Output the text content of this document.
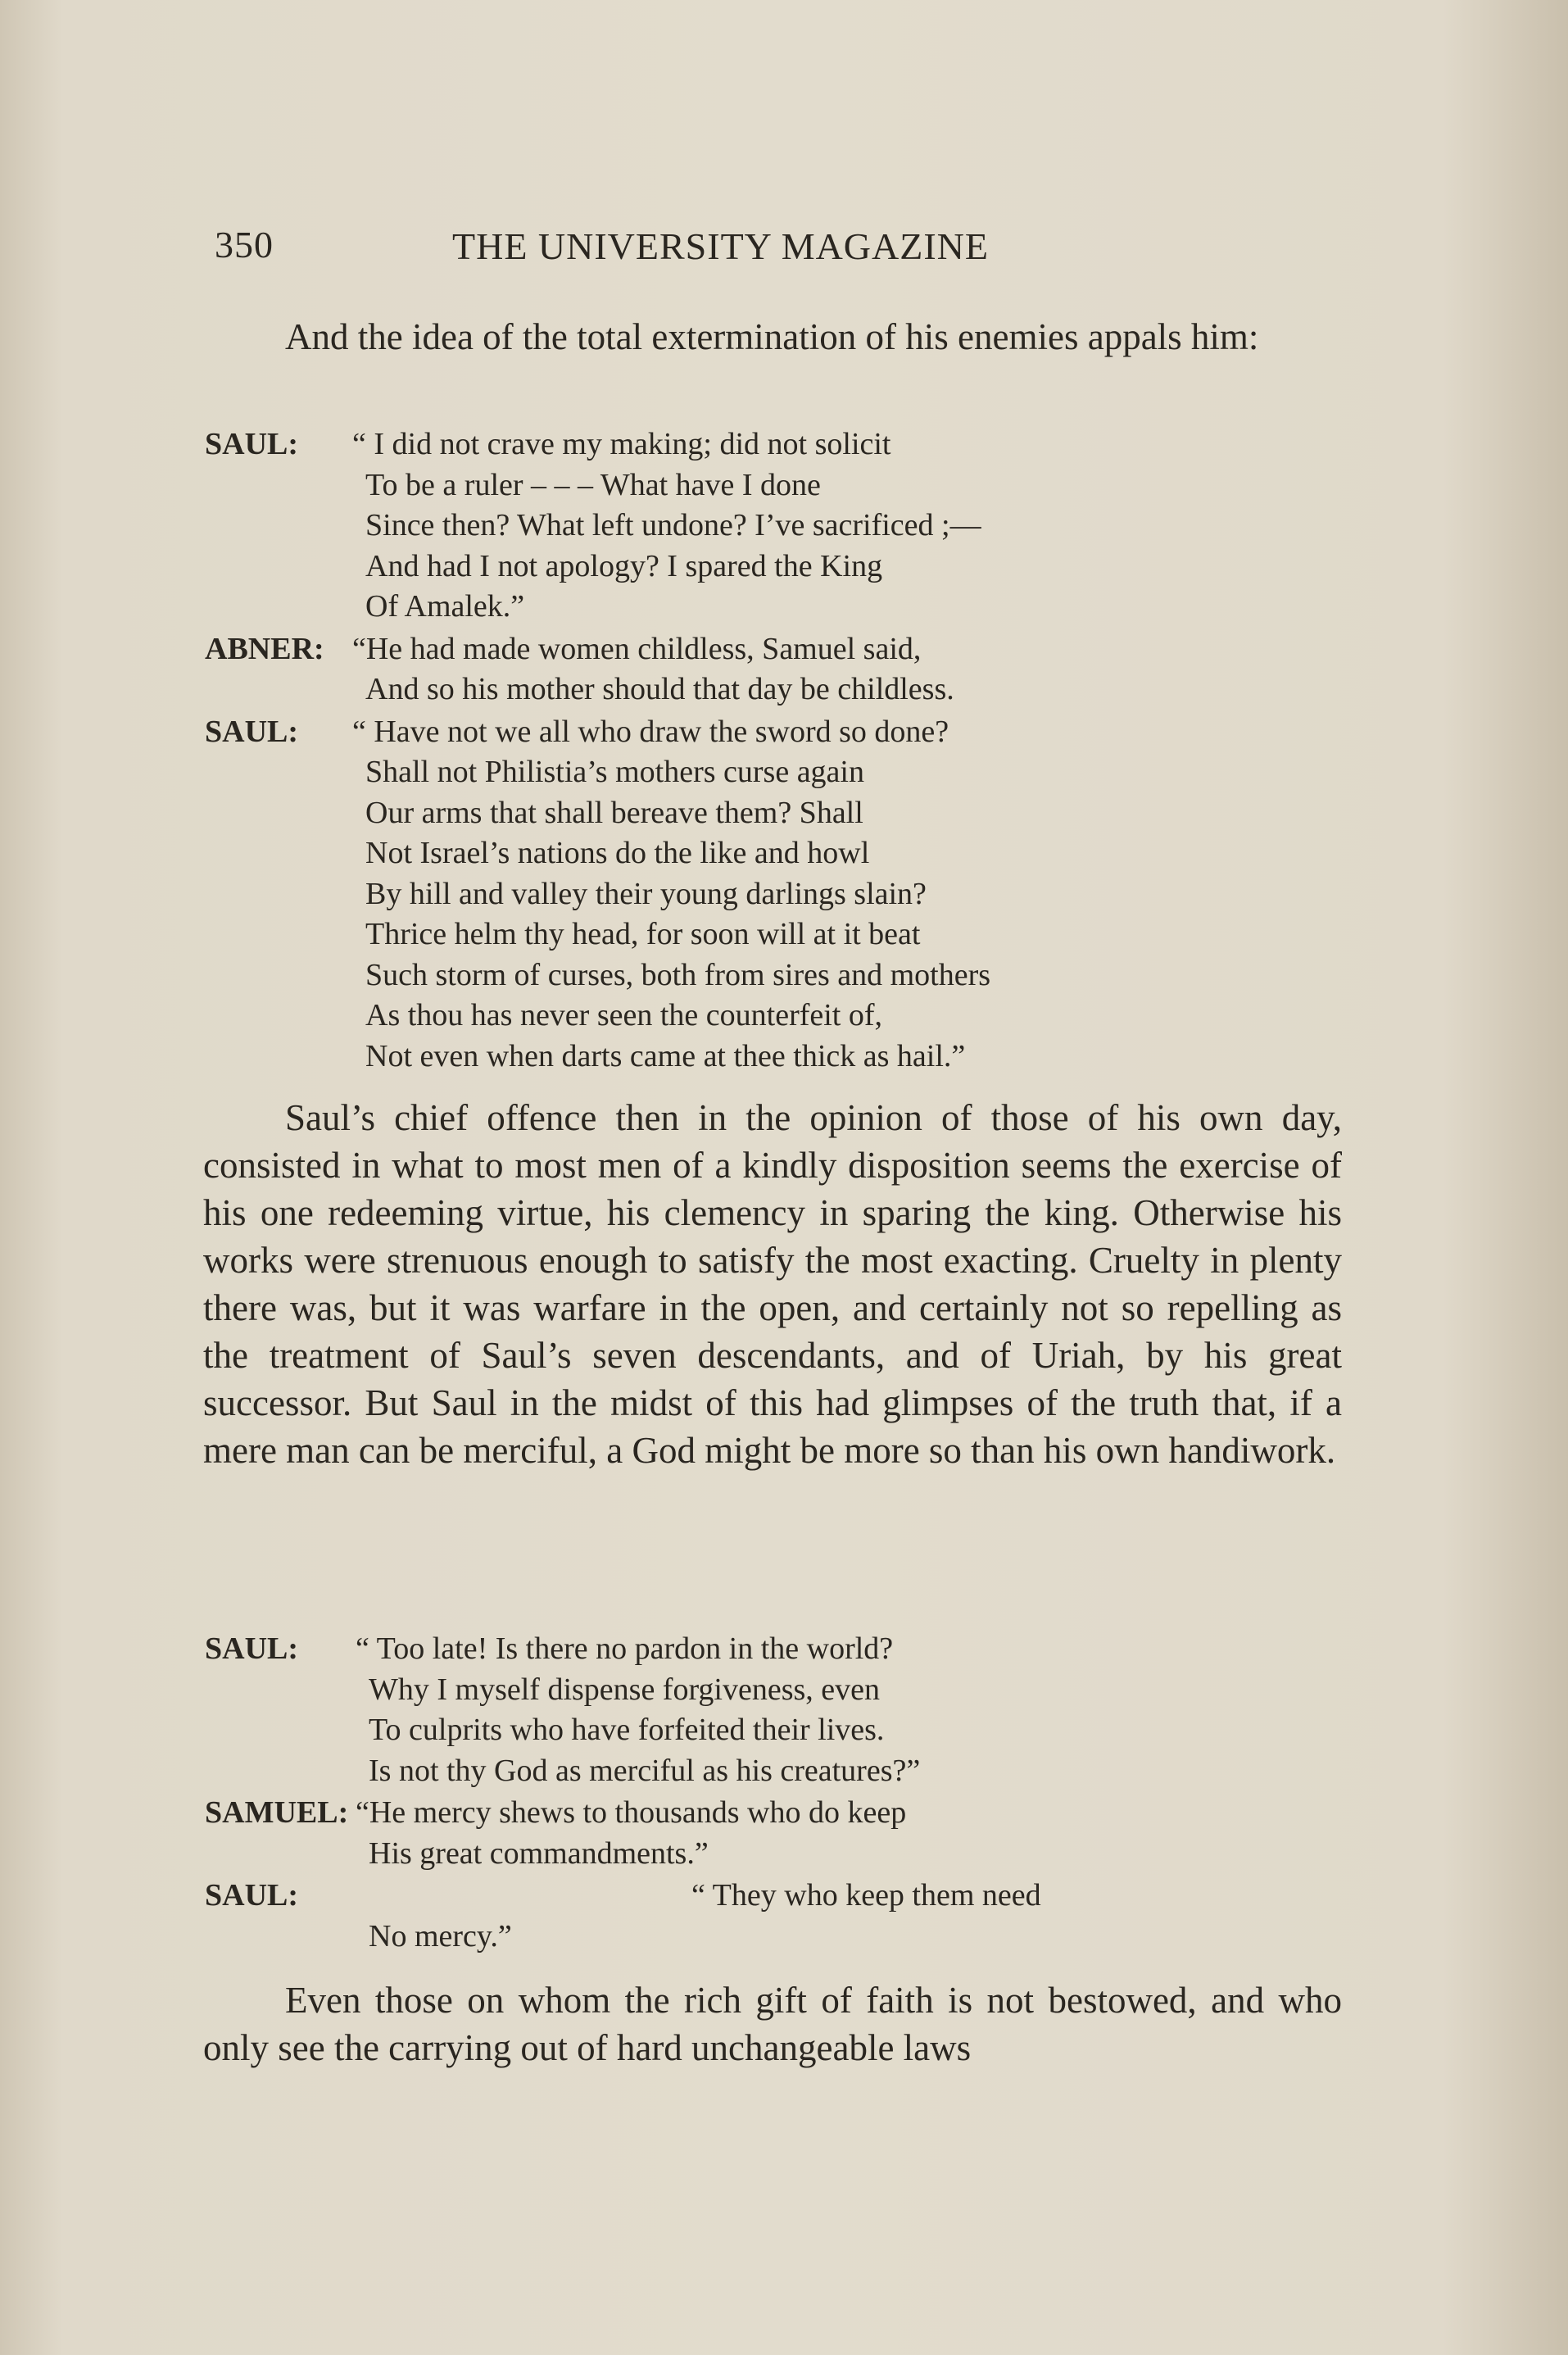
350	THE UNIVERSITY MAGAZINE

And the idea of the total extermination of his enemies appals him:

SAUL:	“ I did not crave my making; did not solicit
To be a ruler – – – What have I done
Since then? What left undone? I’ve sacrificed ;—
And had I not apology? I spared the King
Of Amalek.”
ABNER: “He had made women childless, Samuel said,
And so his mother should that day be childless.
SAUL:	“ Have not we all who draw the sword so done?
Shall not Philistia’s mothers curse again
Our arms that shall bereave them? Shall
Not Israel’s nations do the like and howl
By hill and valley their young darlings slain?
Thrice helm thy head, for soon will at it beat
Such storm of curses, both from sires and mothers
As thou has never seen the counterfeit of,
Not even when darts came at thee thick as hail.”

Saul’s chief offence then in the opinion of those of his own day, consisted in what to most men of a kindly disposition seems the exercise of his one redeeming virtue, his clemency in sparing the king. Otherwise his works were strenuous enough to satisfy the most exacting. Cruelty in plenty there was, but it was warfare in the open, and certainly not so repelling as the treatment of Saul’s seven descendants, and of Uriah, by his great successor. But Saul in the midst of this had glimpses of the truth that, if a mere man can be merciful, a God might be more so than his own handiwork.

SAUL:	“ Too late! Is there no pardon in the world?
Why I myself dispense forgiveness, even
To culprits who have forfeited their lives.
Is not thy God as merciful as his creatures?”
SAMUEL: “He mercy shews to thousands who do keep
His great commandments.”
SAUL:	“ They who keep them need
No mercy.”

Even those on whom the rich gift of faith is not bestowed, and who only see the carrying out of hard unchangeable laws
